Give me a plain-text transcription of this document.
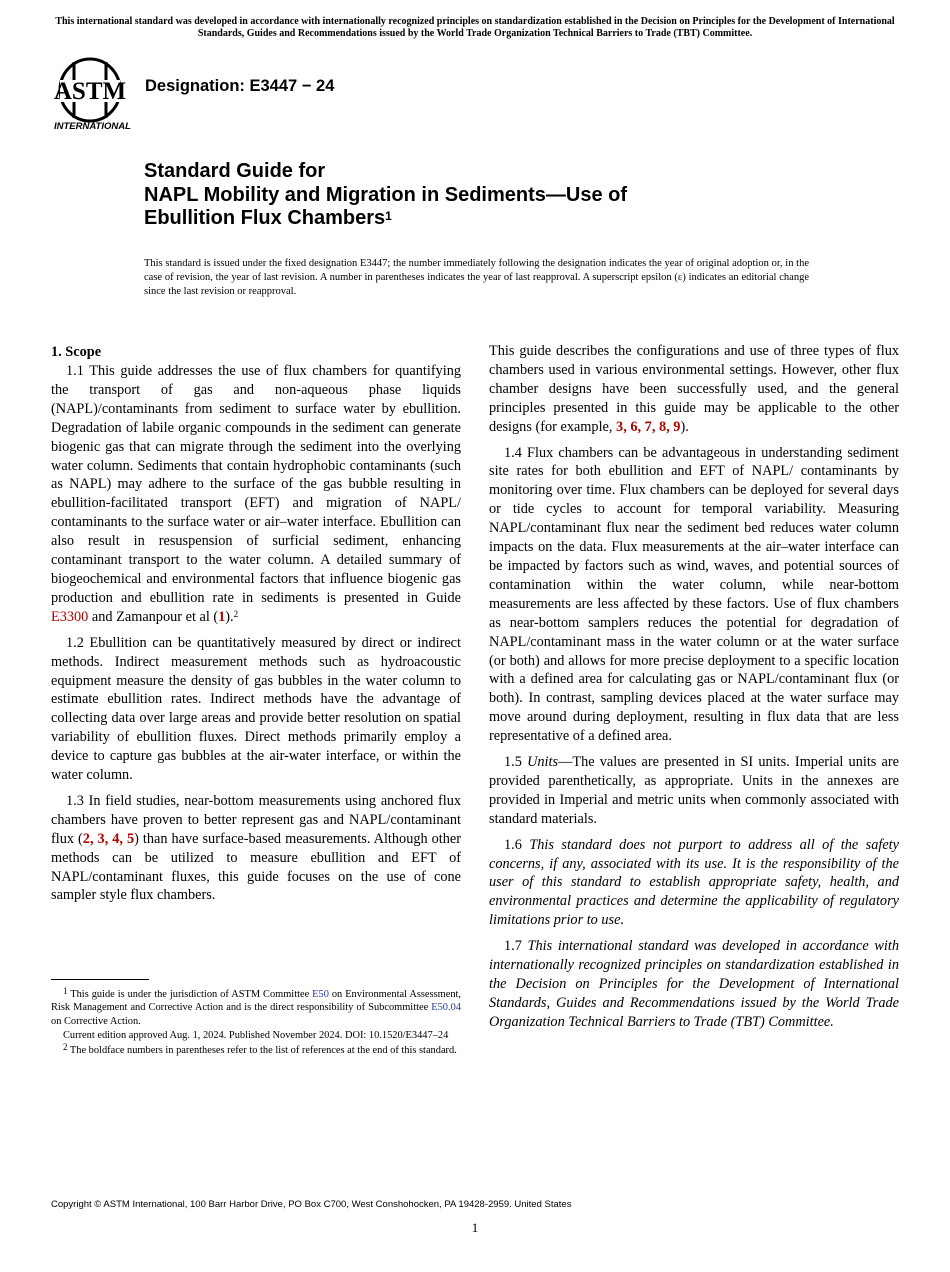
This international standard was developed in accordance with internationally recognized principles on standardization established in the Decision on Principles for the Development of International Standards, Guides and Recommendations issued by the World Trade Organization Technical Barriers to Trade (TBT) Committee.
ASTM
INTERNATIONAL
Designation: E3447 − 24
Standard Guide for
NAPL Mobility and Migration in Sediments—Use of
Ebullition Flux Chambers$^1$
This standard is issued under the fixed designation E3447; the number immediately following the designation indicates the year of original adoption or, in the case of revision, the year of last revision. A number in parentheses indicates the year of last reapproval. A superscript epsilon (ε) indicates an editorial change since the last revision or reapproval.
1. Scope

1.1 This guide addresses the use of flux chambers for quantifying the transport of gas and non-aqueous phase liquids (NAPL)/contaminants from sediment to surface water by ebullition. Degradation of labile organic compounds in the sediment can generate biogenic gas that can migrate through the sediment into the overlying water column. Sediments that contain hydrophobic contaminants (such as NAPL) may adhere to the surface of the gas bubble resulting in ebullition-facilitated transport (EFT) and migration of NAPL/ contaminants to the surface water or air–water interface. Ebullition can also result in resuspension of surficial sediment, enhancing contaminant transport to the water column. A detailed summary of biogeochemical and environmental factors that influence biogenic gas production and ebullition rate in sediments is presented in Guide E3300 and Zamanpour et al (1).$^2$

1.2 Ebullition can be quantitatively measured by direct or indirect methods. Indirect measurement methods such as hydroacoustic equipment measure the density of gas bubbles in the water column to estimate ebullition rates. Indirect methods have the advantage of collecting data over large areas and provide better resolution on spatial variability of ebullition fluxes. Direct methods primarily employ a device to capture gas bubbles at the air-water interface, or within the water column.

1.3 In field studies, near-bottom measurements using anchored flux chambers have proven to better represent gas and NAPL/contaminant flux (2, 3, 4, 5) than have surface-based measurements. Although other methods can be utilized to measure ebullition and EFT of NAPL/contaminant fluxes, this guide focuses on the use of cone sampler style flux chambers.

$^1$ This guide is under the jurisdiction of ASTM Committee E50 on Environmental Assessment, Risk Management and Corrective Action and is the direct responsibility of Subcommittee E50.04 on Corrective Action.

Current edition approved Aug. 1, 2024. Published November 2024. DOI: 10.1520/E3447–24

$^2$ The boldface numbers in parentheses refer to the list of references at the end of this standard.

This guide describes the configurations and use of three types of flux chambers used in various environmental settings. However, other flux chamber designs have been successfully used, and the general principles presented in this guide may be applicable to the other designs (for example, 3, 6, 7, 8, 9).

1.4 Flux chambers can be advantageous in understanding sediment site rates for both ebullition and EFT of NAPL/ contaminants by monitoring over time. Flux chambers can be deployed for several days or tide cycles to account for temporal variability. Measuring NAPL/contaminant flux near the sediment bed reduces water column impacts on the data. Flux measurements at the air–water interface can be impacted by factors such as wind, waves, and potential sources of contamination within the water column, while near-bottom measurements are less affected by these factors. Use of flux chambers as near-bottom samplers reduces the potential for degradation of NAPL/contaminant mass in the water column or at the water surface (or both) and allows for more precise deployment to a specific location with a defined area for calculating gas or NAPL/contaminant flux (or both). In contrast, sampling devices placed at the water surface may move around during deployment, resulting in flux data that are less representative of a defined area.

1.5 Units—The values are presented in SI units. Imperial units are provided parenthetically, as appropriate. Units in the annexes are provided in Imperial and metric units when commonly associated with standard materials.

1.6 This standard does not purport to address all of the safety concerns, if any, associated with its use. It is the responsibility of the user of this standard to establish appropriate safety, health, and environmental practices and determine the applicability of regulatory limitations prior to use.

1.7 This international standard was developed in accordance with internationally recognized principles on standardization established in the Decision on Principles for the Development of International Standards, Guides and Recommendations issued by the World Trade Organization Technical Barriers to Trade (TBT) Committee.

Copyright © ASTM International, 100 Barr Harbor Drive, PO Box C700, West Conshohocken, PA 19428-2959. United States
1
